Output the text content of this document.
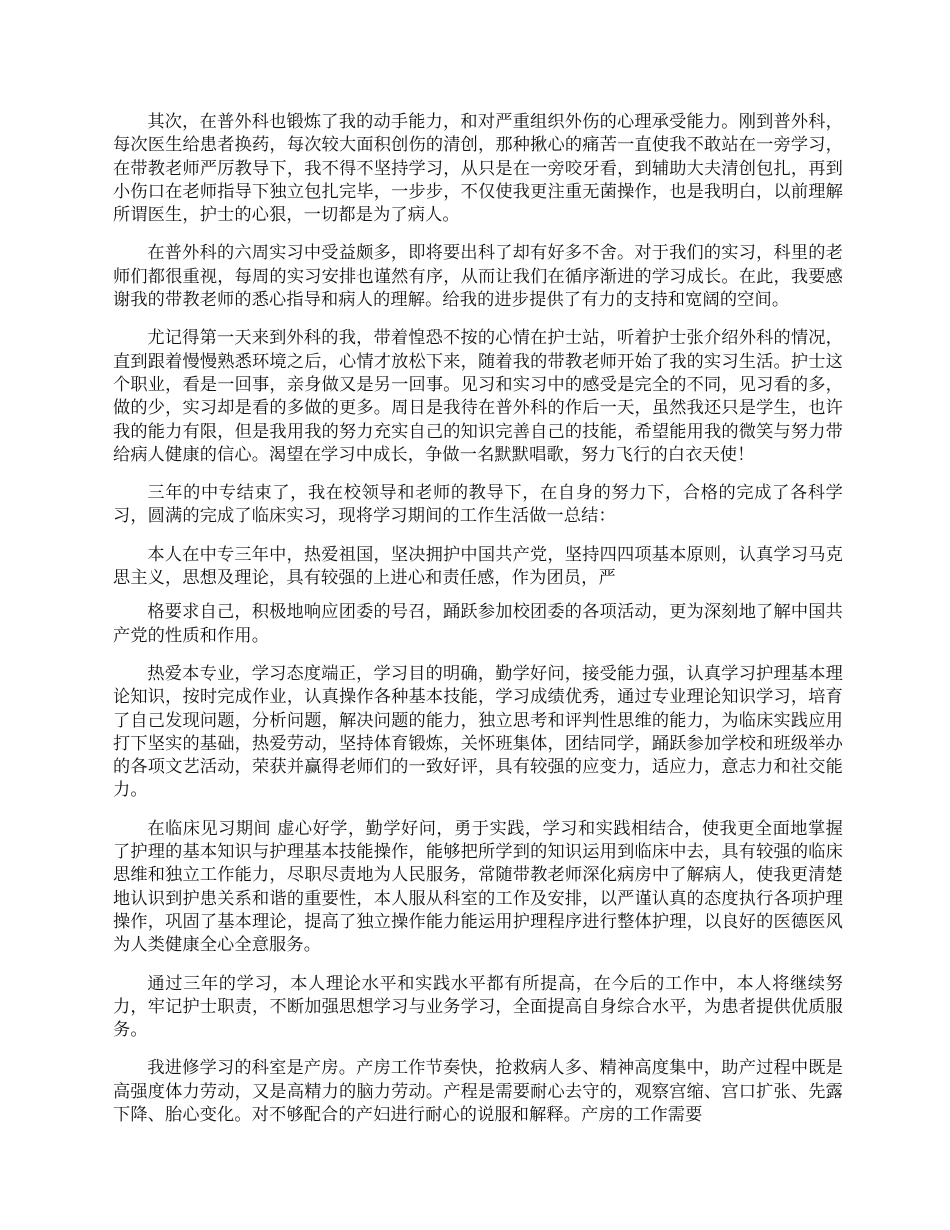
其次，在普外科也锻炼了我的动手能力，和对严重组织外伤的心理承受能力。刚到普外科，每次医生给患者换药，每次较大面积创伤的清创，那种揪心的痛苦一直使我不敢站在一旁学习，在带教老师严厉教导下，我不得不坚持学习，从只是在一旁咬牙看，到辅助大夫清创包扎，再到小伤口在老师指导下独立包扎完毕，一步步，不仅使我更注重无菌操作，也是我明白，以前理解所谓医生，护士的心狠，一切都是为了病人。

在普外科的六周实习中受益颇多，即将要出科了却有好多不舍。对于我们的实习，科里的老师们都很重视，每周的实习安排也谨然有序，从而让我们在循序渐进的学习成长。在此，我要感谢我的带教老师的悉心指导和病人的理解。给我的进步提供了有力的支持和宽阔的空间。

尤记得第一天来到外科的我，带着惶恐不按的心情在护士站，听着护士张介绍外科的情况，直到跟着慢慢熟悉环境之后，心情才放松下来，随着我的带教老师开始了我的实习生活。护士这个职业，看是一回事，亲身做又是另一回事。见习和实习中的感受是完全的不同，见习看的多，做的少，实习却是看的多做的更多。周日是我待在普外科的作后一天，虽然我还只是学生，也许我的能力有限，但是我用我的努力充实自己的知识完善自己的技能，希望能用我的微笑与努力带给病人健康的信心。渴望在学习中成长，争做一名默默唱歌，努力飞行的白衣天使！

三年的中专结束了，我在校领导和老师的教导下，在自身的努力下，合格的完成了各科学习，圆满的完成了临床实习，现将学习期间的工作生活做一总结：

本人在中专三年中，热爱祖国，坚决拥护中国共产党，坚持四四项基本原则，认真学习马克思主义，思想及理论，具有较强的上进心和责任感，作为团员，严

格要求自己，积极地响应团委的号召，踊跃参加校团委的各项活动，更为深刻地了解中国共产党的性质和作用。

热爱本专业，学习态度端正，学习目的明确，勤学好问，接受能力强，认真学习护理基本理论知识，按时完成作业，认真操作各种基本技能，学习成绩优秀，通过专业理论知识学习，培育了自己发现问题，分析问题，解决问题的能力，独立思考和评判性思维的能力，为临床实践应用打下坚实的基础，热爱劳动，坚持体育锻炼，关怀班集体，团结同学，踊跃参加学校和班级举办的各项文艺活动，荣获并赢得老师们的一致好评，具有较强的应变力，适应力，意志力和社交能力。

在临床见习期间 虚心好学，勤学好问，勇于实践，学习和实践相结合，使我更全面地掌握了护理的基本知识与护理基本技能操作，能够把所学到的知识运用到临床中去，具有较强的临床思维和独立工作能力，尽职尽责地为人民服务，常随带教老师深化病房中了解病人，使我更清楚地认识到护患关系和谐的重要性，本人服从科室的工作及安排，以严谨认真的态度执行各项护理操作，巩固了基本理论，提高了独立操作能力能运用护理程序进行整体护理，以良好的医德医风为人类健康全心全意服务。

通过三年的学习，本人理论水平和实践水平都有所提高，在今后的工作中，本人将继续努 力，牢记护士职责，不断加强思想学习与业务学习，全面提高自身综合水平，为患者提供优质服务。

我进修学习的科室是产房。产房工作节奏快，抢救病人多、精神高度集中，助产过程中既是高强度体力劳动，又是高精力的脑力劳动。产程是需要耐心去守的，观察宫缩、宫口扩张、先露下降、胎心变化。对不够配合的产妇进行耐心的说服和解释。产房的工作需要
